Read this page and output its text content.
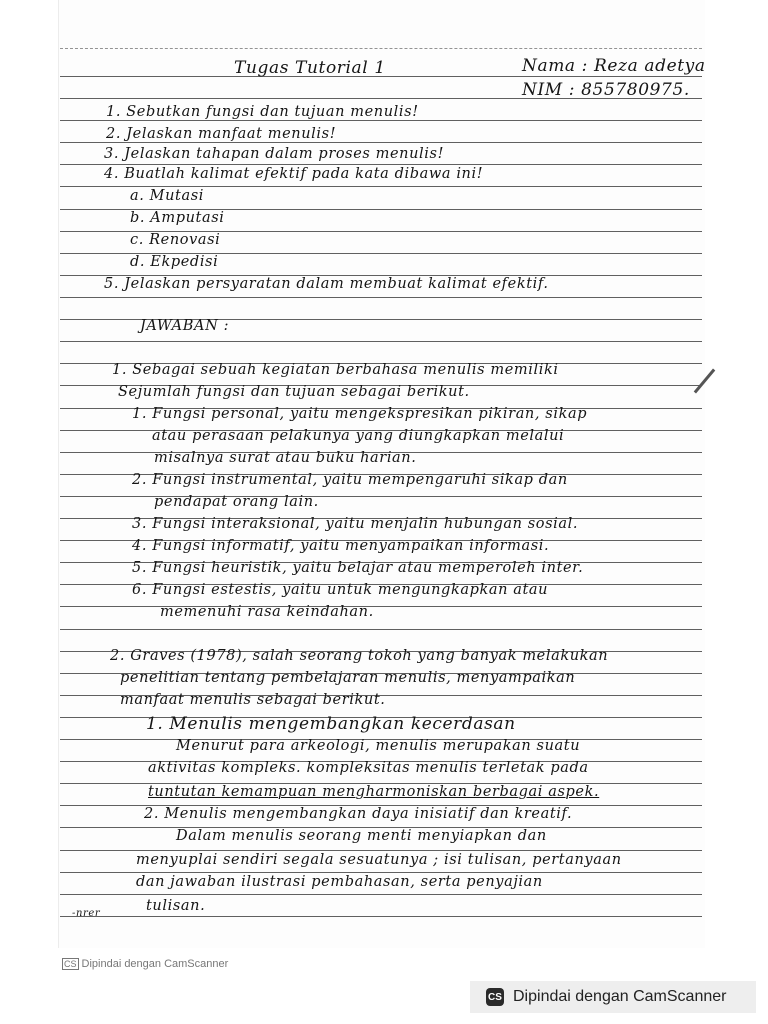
Tugas Tutorial 1	Nama : Reza adetya
NIM : 855780975.
1. Sebutkan fungsi dan tujuan menulis!
2. Jelaskan manfaat menulis!
3. Jelaskan tahapan dalam proses menulis!
4. Buatlah kalimat efektif pada kata dibawa ini!
a. Mutasi
b. Amputasi
c. Renovasi
d. Ekpedisi
5. Jelaskan persyaratan dalam membuat kalimat efektif.
JAWABAN :
1. Sebagai sebuah kegiatan berbahasa menulis memiliki
Sejumlah fungsi dan tujuan sebagai berikut.
1. Fungsi personal, yaitu mengekspresikan pikiran, sikap
atau perasaan pelakunya yang diungkapkan melalui
misalnya surat atau buku harian.
2. Fungsi instrumental, yaitu mempengaruhi sikap dan
pendapat orang lain.
3. Fungsi interaksional, yaitu menjalin hubungan sosial.
4. Fungsi informatif, yaitu menyampaikan informasi.
5. Fungsi heuristik, yaitu belajar atau memperoleh inter.
6. Fungsi estestis, yaitu untuk mengungkapkan atau
memenuhi rasa keindahan.
2. Graves (1978), salah seorang tokoh yang banyak melakukan
penelitian tentang pembelajaran menulis, menyampaikan
manfaat menulis sebagai berikut.
1. Menulis mengembangkan kecerdasan
Menurut para arkeologi, menulis merupakan suatu
aktivitas kompleks. kompleksitas menulis terletak pada
tuntutan kemampuan mengharmoniskan berbagai aspek.
2. Menulis mengembangkan daya inisiatif dan kreatif.
Dalam menulis seorang menti menyiapkan dan
menyuplai sendiri segala sesuatunya ; isi tulisan, pertanyaan
dan jawaban ilustrasi pembahasan, serta penyajian
tulisan.
-nrer
CS Dipindai dengan CamScanner
CS Dipindai dengan CamScanner
